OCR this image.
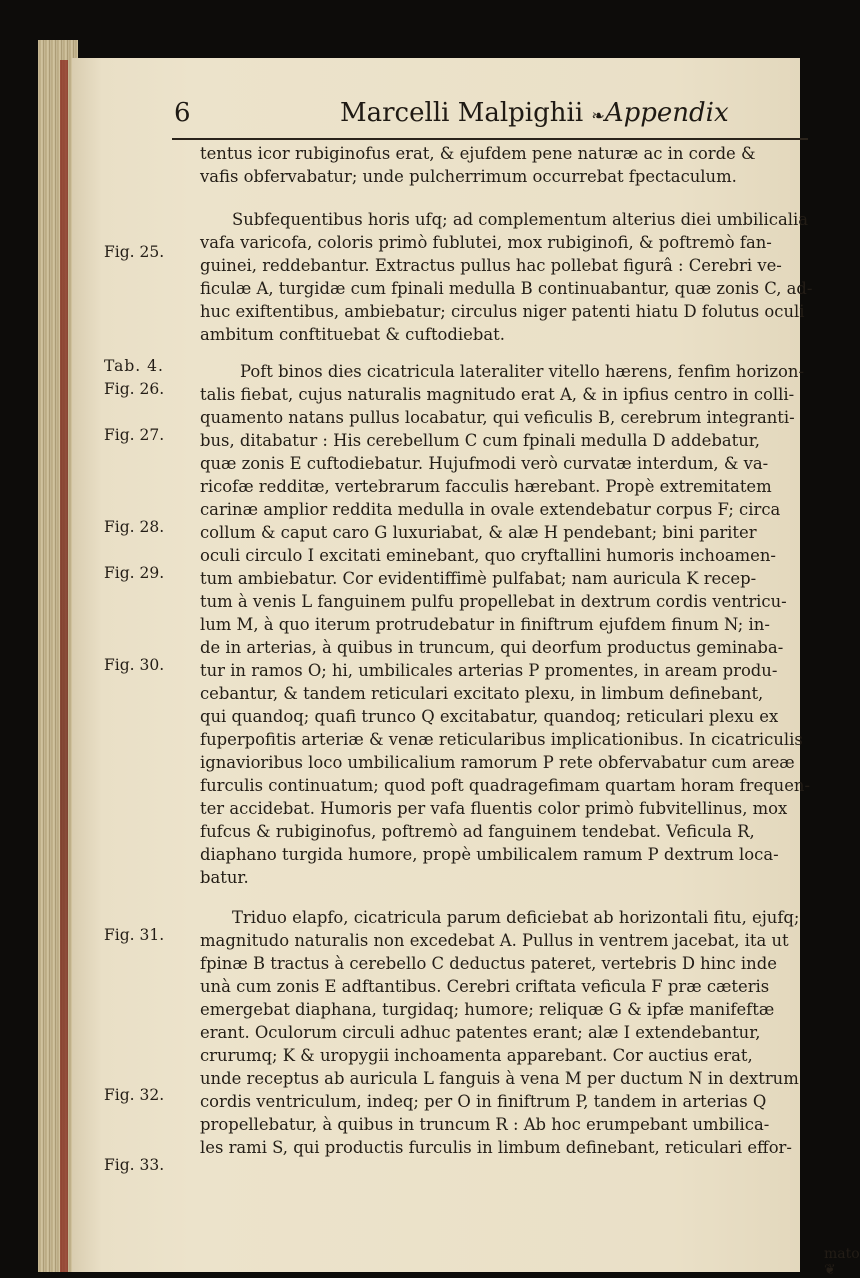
6	Marcelli Malpighii ❧Appendix
tentus icor rubiginofus erat, & ejufdem pene naturæ ac in corde &
vafis obfervabatur; unde pulcherrimum occurrebat fpectaculum.
Subfequentibus horis ufq; ad complementum alterius diei umbilicalia
vafa varicofa, coloris primò fublutei, mox rubiginofi, & poftremò fan-
guinei, reddebantur. Extractus pullus hac pollebat figurâ : Cerebri ve-
ficulæ A, turgidæ cum fpinali medulla B continuabantur, quæ zonis C, ad-
huc exiftentibus, ambiebatur; circulus niger patenti hiatu D folutus oculi
ambitum conftituebat & cuftodiebat.
Poft binos dies cicatricula lateraliter vitello hærens, fenfim horizon-
talis fiebat, cujus naturalis magnitudo erat A, & in ipfius centro in colli-
quamento natans pullus locabatur, qui veficulis B, cerebrum integranti-
bus, ditabatur : His cerebellum C cum fpinali medulla D addebatur,
quæ zonis E cuftodiebatur. Hujufmodi verò curvatæ interdum, & va-
ricofæ redditæ, vertebrarum facculis hærebant. Propè extremitatem
carinæ amplior reddita medulla in ovale extendebatur corpus F; circa
collum & caput caro G luxuriabat, & alæ H pendebant; bini pariter
oculi circulo I excitati eminebant, quo cryftallini humoris inchoamen-
tum ambiebatur. Cor evidentiffimè pulfabat; nam auricula K recep-
tum à venis L fanguinem pulfu propellebat in dextrum cordis ventricu-
lum M, à quo iterum protrudebatur in finiftrum ejufdem finum N; in-
de in arterias, à quibus in truncum, qui deorfum productus geminaba-
tur in ramos O; hi, umbilicales arterias P promentes, in aream produ-
cebantur, & tandem reticulari excitato plexu, in limbum definebant,
qui quandoq; quafi trunco Q excitabatur, quandoq; reticulari plexu ex
fuperpofitis arteriæ & venæ reticularibus implicationibus. In cicatriculis
ignavioribus loco umbilicalium ramorum P rete obfervabatur cum areæ
furculis continuatum; quod poft quadragefimam quartam horam frequen-
ter accidebat. Humoris per vafa fluentis color primò fubvitellinus, mox
fufcus & rubiginofus, poftremò ad fanguinem tendebat. Veficula R,
diaphano turgida humore, propè umbilicalem ramum P dextrum loca-
batur.
Triduo elapfo, cicatricula parum deficiebat ab horizontali fitu, ejufq;
magnitudo naturalis non excedebat A. Pullus in ventrem jacebat, ita ut
fpinæ B tractus à cerebello C deductus pateret, vertebris D hinc inde
unà cum zonis E adftantibus. Cerebri criftata veficula F præ cæteris
emergebat diaphana, turgidaq; humore; reliquæ G & ipfæ manifeftæ
erant. Oculorum circuli adhuc patentes erant; alæ I extendebantur,
crurumq; K & uropygii inchoamenta apparebant. Cor auctius erat,
unde receptus ab auricula L fanguis à vena M per ductum N in dextrum
cordis ventriculum, indeq; per O in finiftrum P, tandem in arterias Q
propellebatur, à quibus in truncum R : Ab hoc erumpebant umbilica-
les rami S, qui productis furculis in limbum definebant, reticulari effor-
mato ❦
Fig. 25.
Tab. 4.
Fig. 26.
Fig. 27.
Fig. 28.
Fig. 29.
Fig. 30.
Fig. 31.
Fig. 32.
Fig. 33.
